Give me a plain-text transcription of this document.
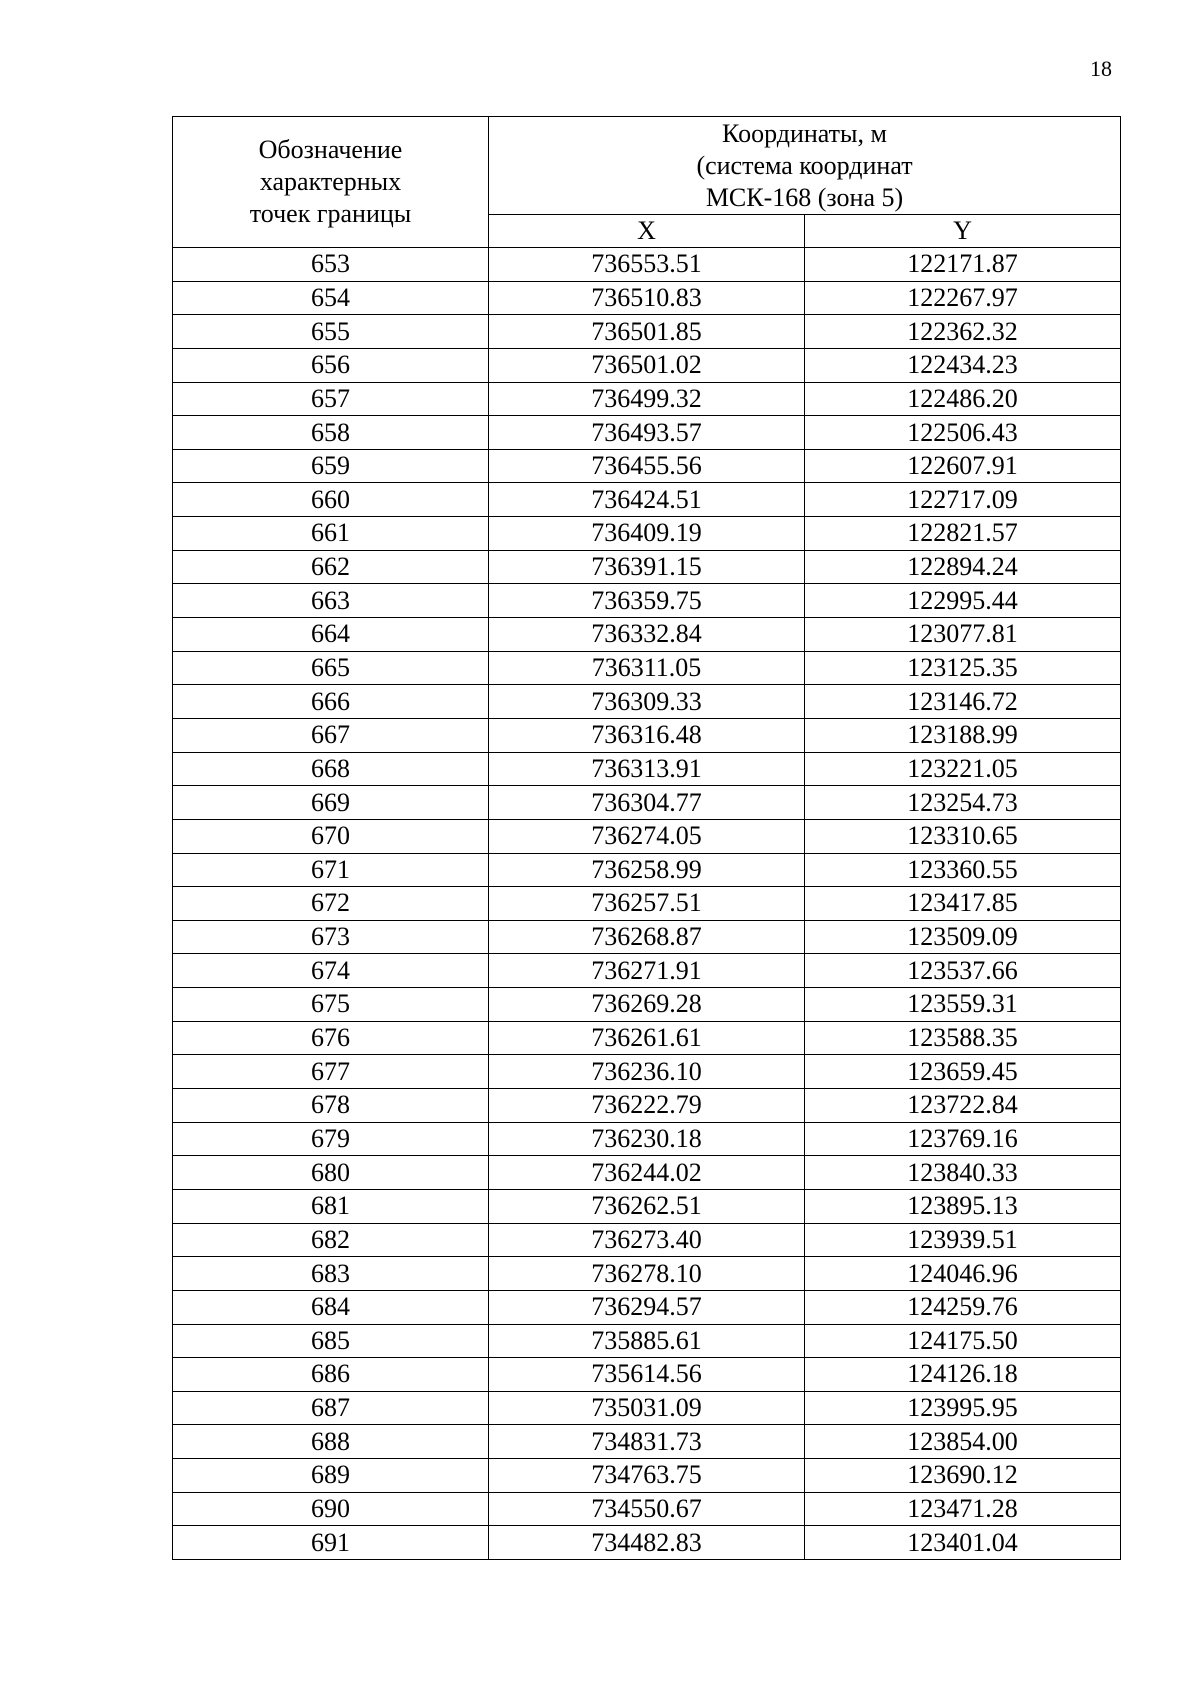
18
Обозначение
характерных
точек границы	Координаты, м
(система координат
МСК-168 (зона 5)	

	X	Y
653	736553.51	122171.87
654	736510.83	122267.97
655	736501.85	122362.32
656	736501.02	122434.23
657	736499.32	122486.20
658	736493.57	122506.43
659	736455.56	122607.91
660	736424.51	122717.09
661	736409.19	122821.57
662	736391.15	122894.24
663	736359.75	122995.44
664	736332.84	123077.81
665	736311.05	123125.35
666	736309.33	123146.72
667	736316.48	123188.99
668	736313.91	123221.05
669	736304.77	123254.73
670	736274.05	123310.65
671	736258.99	123360.55
672	736257.51	123417.85
673	736268.87	123509.09
674	736271.91	123537.66
675	736269.28	123559.31
676	736261.61	123588.35
677	736236.10	123659.45
678	736222.79	123722.84
679	736230.18	123769.16
680	736244.02	123840.33
681	736262.51	123895.13
682	736273.40	123939.51
683	736278.10	124046.96
684	736294.57	124259.76
685	735885.61	124175.50
686	735614.56	124126.18
687	735031.09	123995.95
688	734831.73	123854.00
689	734763.75	123690.12
690	734550.67	123471.28
691	734482.83	123401.04
